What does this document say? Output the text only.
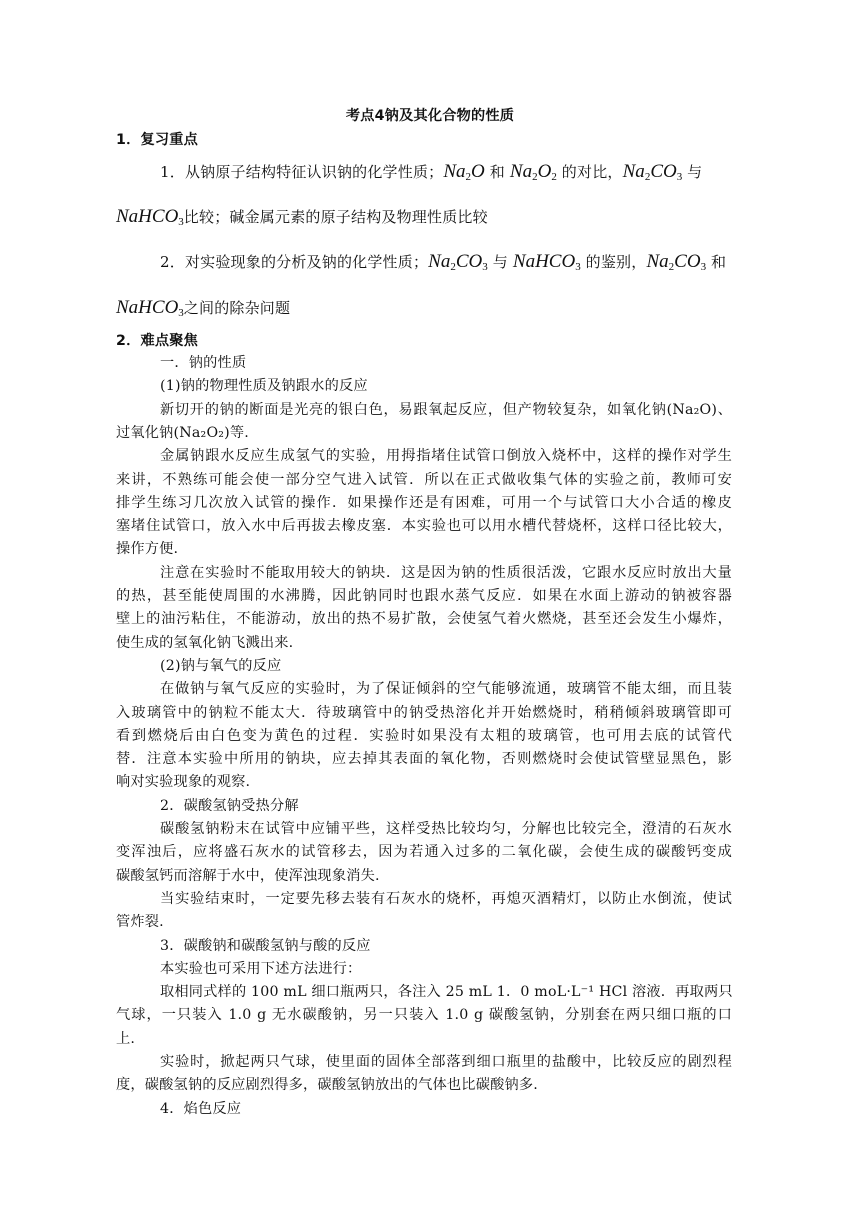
考点4钠及其化合物的性质
1．复习重点
1．从钠原子结构特征认识钠的化学性质；$Na_2O$ 和 $Na_2O_2$ 的对比，$Na_2CO_3$ 与
NaHCO$_3$比较；碱金属元素的原子结构及物理性质比较
2．对实验现象的分析及钠的化学性质；$Na_2CO_3$ 与 NaHCO$_3$ 的鉴别，$Na_2CO_3$ 和
NaHCO$_3$之间的除杂问题
2．难点聚焦
一．钠的性质
(1)钠的物理性质及钠跟水的反应
新切开的钠的断面是光亮的银白色，易跟氧起反应，但产物较复杂，如氧化钠(Na₂O)、
过氧化钠(Na₂O₂)等.
金属钠跟水反应生成氢气的实验，用拇指堵住试管口倒放入烧杯中，这样的操作对学生
来讲，不熟练可能会使一部分空气进入试管．所以在正式做收集气体的实验之前，教师可安
排学生练习几次放入试管的操作．如果操作还是有困难，可用一个与试管口大小合适的橡皮
塞堵住试管口，放入水中后再拔去橡皮塞．本实验也可以用水槽代替烧杯，这样口径比较大，
操作方便.
注意在实验时不能取用较大的钠块．这是因为钠的性质很活泼，它跟水反应时放出大量
的热，甚至能使周围的水沸腾，因此钠同时也跟水蒸气反应．如果在水面上游动的钠被容器
壁上的油污粘住，不能游动，放出的热不易扩散，会使氢气着火燃烧，甚至还会发生小爆炸，
使生成的氢氧化钠飞溅出来.
(2)钠与氧气的反应
在做钠与氧气反应的实验时，为了保证倾斜的空气能够流通，玻璃管不能太细，而且装
入玻璃管中的钠粒不能太大．待玻璃管中的钠受热溶化并开始燃烧时，稍稍倾斜玻璃管即可
看到燃烧后由白色变为黄色的过程．实验时如果没有太粗的玻璃管，也可用去底的试管代
替．注意本实验中所用的钠块，应去掉其表面的氧化物，否则燃烧时会使试管壁显黑色，影
响对实验现象的观察.
2．碳酸氢钠受热分解
碳酸氢钠粉末在试管中应铺平些，这样受热比较均匀，分解也比较完全，澄清的石灰水
变浑浊后，应将盛石灰水的试管移去，因为若通入过多的二氧化碳，会使生成的碳酸钙变成
碳酸氢钙而溶解于水中，使浑浊现象消失.
当实验结束时，一定要先移去装有石灰水的烧杯，再熄灭酒精灯，以防止水倒流，使试
管炸裂.
3．碳酸钠和碳酸氢钠与酸的反应
本实验也可采用下述方法进行：
取相同式样的 100 mL 细口瓶两只，各注入 25 mL 1．0 moL·L⁻¹ HCl 溶液．再取两只
气球，一只装入 1.0 g 无水碳酸钠，另一只装入 1.0 g 碳酸氢钠，分别套在两只细口瓶的口
上.
实验时，掀起两只气球，使里面的固体全部落到细口瓶里的盐酸中，比较反应的剧烈程
度，碳酸氢钠的反应剧烈得多，碳酸氢钠放出的气体也比碳酸钠多.
4．焰色反应
